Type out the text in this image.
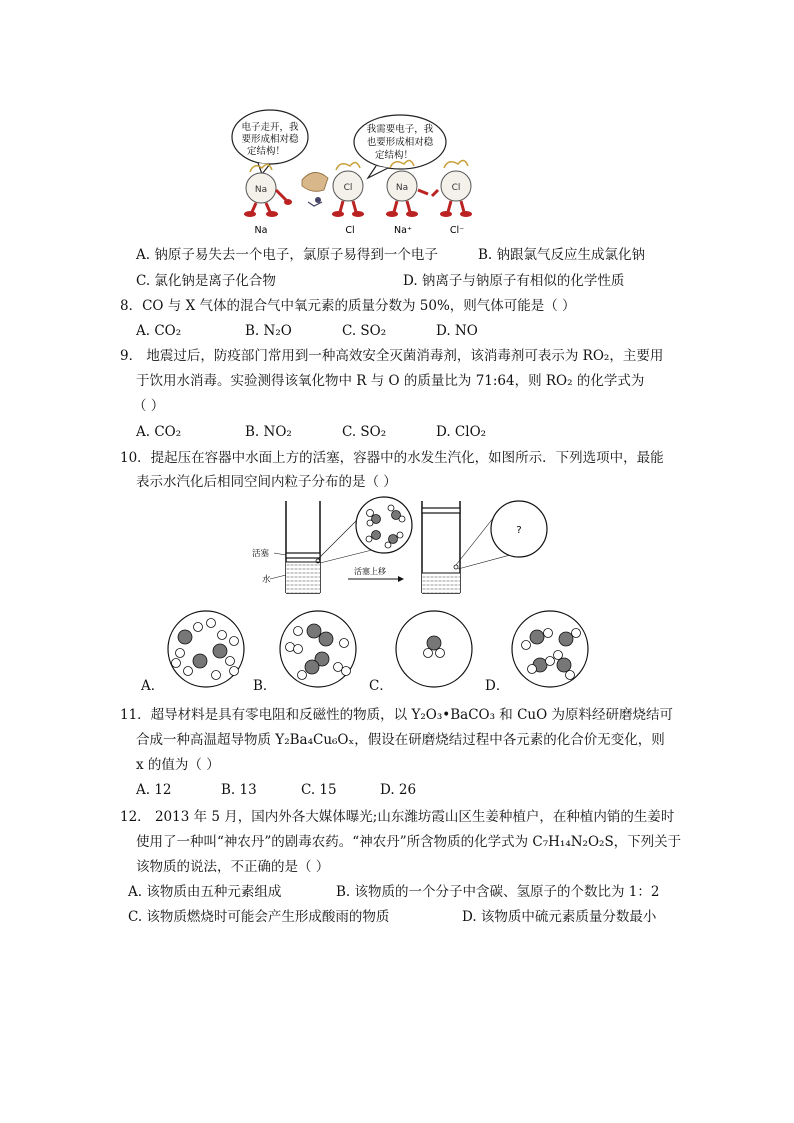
电子走开，我
要形成相对稳
定结构！
我需要电子，我
也要形成相对稳
定结构！
Na	Cl	Na	Cl
Na	Cl	Na⁺	Cl⁻
A. 钠原子易失去一个电子，氯原子易得到一个电子	B. 钠跟氯气反应生成氯化钠
C. 氯化钠是离子化合物	D. 钠离子与钠原子有相似的化学性质
8．CO 与 X 气体的混合气中氧元素的质量分数为 50%，则气体可能是（ ）
A. CO₂	B. N₂O	C. SO₂	D. NO
9． 地震过后，防疫部门常用到一种高效安全灭菌消毒剂，该消毒剂可表示为 RO₂，主要用
于饮用水消毒。实验测得该氧化物中 R 与 O 的质量比为 71:64，则 RO₂ 的化学式为
（ ）
A. CO₂	B. NO₂	C. SO₂	D. ClO₂
10．提起压在容器中水面上方的活塞，容器中的水发生汽化，如图所示．下列选项中，最能
表示水汽化后相同空间内粒子分布的是（ ）
活塞
水
活塞上移
?
A．	B．	C．	D．
11．超导材料是具有零电阻和反磁性的物质，以 Y₂O₃•BaCO₃ 和 CuO 为原料经研磨烧结可
合成一种高温超导物质 Y₂Ba₄Cu₆Oₓ，假设在研磨烧结过程中各元素的化合价无变化，则
x 的值为（ ）
A. 12	B. 13	C. 15	D. 26
12． 2013 年 5 月，国内外各大媒体曝光;山东潍坊霞山区生姜种植户，在种植内销的生姜时
使用了一种叫“神农丹”的剧毒农药。“神农丹”所含物质的化学式为 C₇H₁₄N₂O₂S，下列关于
该物质的说法，不正确的是（ ）
A. 该物质由五种元素组成	B. 该物质的一个分子中含碳、氢原子的个数比为 1：2
C. 该物质燃烧时可能会产生形成酸雨的物质	D. 该物质中硫元素质量分数最小
